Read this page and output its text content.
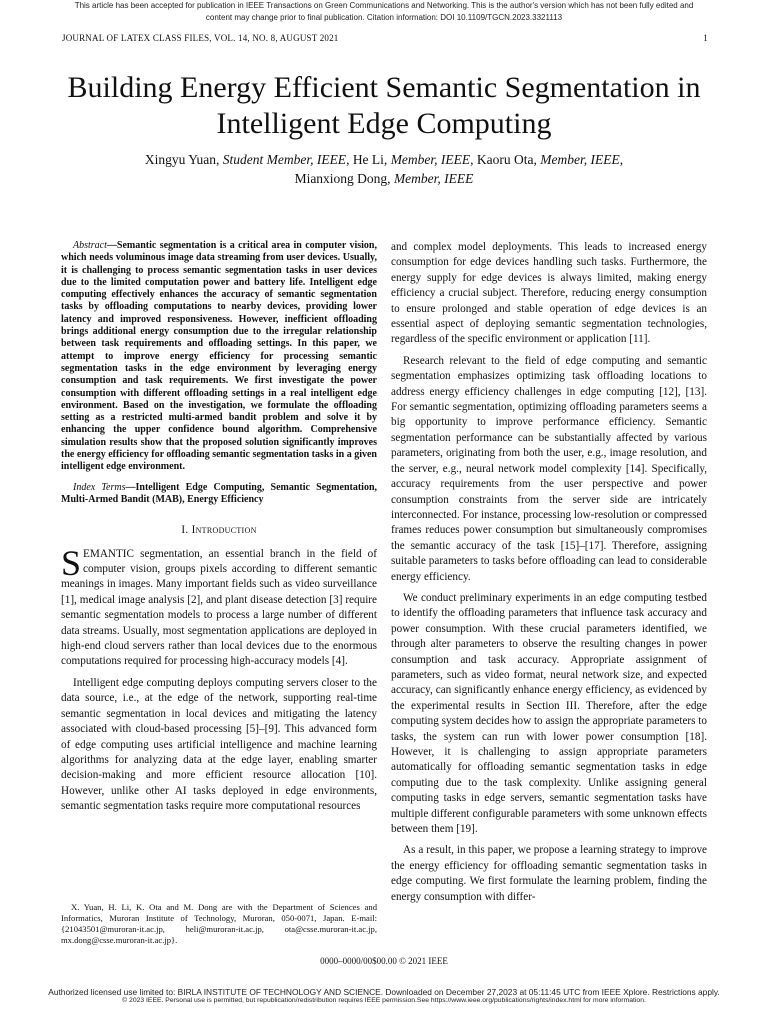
This article has been accepted for publication in IEEE Transactions on Green Communications and Networking. This is the author's version which has not been fully edited and
content may change prior to final publication. Citation information: DOI 10.1109/TGCN.2023.3321113
JOURNAL OF LATEX CLASS FILES, VOL. 14, NO. 8, AUGUST 2021	1
Building Energy Efficient Semantic Segmentation in Intelligent Edge Computing
Xingyu Yuan, Student Member, IEEE, He Li, Member, IEEE, Kaoru Ota, Member, IEEE,
Mianxiong Dong, Member, IEEE

Abstract—Semantic segmentation is a critical area in computer vision, which needs voluminous image data streaming from user devices. Usually, it is challenging to process semantic segmentation tasks in user devices due to the limited computation power and battery life. Intelligent edge computing effectively enhances the accuracy of semantic segmentation tasks by offloading computations to nearby devices, providing lower latency and improved responsiveness. However, inefficient offloading brings additional energy consumption due to the irregular relationship between task requirements and offloading settings. In this paper, we attempt to improve energy efficiency for processing semantic segmentation tasks in the edge environment by leveraging energy consumption and task requirements. We first investigate the power consumption with different offloading settings in a real intelligent edge environment. Based on the investigation, we formulate the offloading setting as a restricted multi-armed bandit problem and solve it by enhancing the upper confidence bound algorithm. Comprehensive simulation results show that the proposed solution significantly improves the energy efficiency for offloading semantic segmentation tasks in a given intelligent edge environment.

Index Terms—Intelligent Edge Computing, Semantic Segmentation, Multi-Armed Bandit (MAB), Energy Efficiency

I. Introduction

SEMANTIC segmentation, an essential branch in the field of computer vision, groups pixels according to different semantic meanings in images. Many important fields such as video surveillance [1], medical image analysis [2], and plant disease detection [3] require semantic segmentation models to process a large number of different data streams. Usually, most segmentation applications are deployed in high-end cloud servers rather than local devices due to the enormous computations required for processing high-accuracy models [4].

Intelligent edge computing deploys computing servers closer to the data source, i.e., at the edge of the network, supporting real-time semantic segmentation in local devices and mitigating the latency associated with cloud-based processing [5]–[9]. This advanced form of edge computing uses artificial intelligence and machine learning algorithms for analyzing data at the edge layer, enabling smarter decision-making and more efficient resource allocation [10]. However, unlike other AI tasks deployed in edge environments, semantic segmentation tasks require more computational resources

and complex model deployments. This leads to increased energy consumption for edge devices handling such tasks. Furthermore, the energy supply for edge devices is always limited, making energy efficiency a crucial subject. Therefore, reducing energy consumption to ensure prolonged and stable operation of edge devices is an essential aspect of deploying semantic segmentation technologies, regardless of the specific environment or application [11].

Research relevant to the field of edge computing and semantic segmentation emphasizes optimizing task offloading locations to address energy efficiency challenges in edge computing [12], [13]. For semantic segmentation, optimizing offloading parameters seems a big opportunity to improve performance efficiency. Semantic segmentation performance can be substantially affected by various parameters, originating from both the user, e.g., image resolution, and the server, e.g., neural network model complexity [14]. Specifically, accuracy requirements from the user perspective and power consumption constraints from the server side are intricately interconnected. For instance, processing low-resolution or compressed frames reduces power consumption but simultaneously compromises the semantic accuracy of the task [15]–[17]. Therefore, assigning suitable parameters to tasks before offloading can lead to considerable energy efficiency.

We conduct preliminary experiments in an edge computing testbed to identify the offloading parameters that influence task accuracy and power consumption. With these crucial parameters identified, we through alter parameters to observe the resulting changes in power consumption and task accuracy. Appropriate assignment of parameters, such as video format, neural network size, and expected accuracy, can significantly enhance energy efficiency, as evidenced by the experimental results in Section III. Therefore, after the edge computing system decides how to assign the appropriate parameters to tasks, the system can run with lower power consumption [18]. However, it is challenging to assign appropriate parameters automatically for offloading semantic segmentation tasks in edge computing due to the task complexity. Unlike assigning general computing tasks in edge servers, semantic segmentation tasks have multiple different configurable parameters with some unknown effects between them [19].

As a result, in this paper, we propose a learning strategy to improve the energy efficiency for offloading semantic segmentation tasks in edge computing. We first formulate the learning problem, finding the energy consumption with differ-

X. Yuan, H. Li, K. Ota and M. Dong are with the Department of Sciences and Informatics, Muroran Institute of Technology, Muroran, 050-0071, Japan. E-mail: {21043501@muroran-it.ac.jp, heli@muroran-it.ac.jp, ota@csse.muroran-it.ac.jp, mx.dong@csse.muroran-it.ac.jp}.

0000–0000/00$00.00 © 2021 IEEE
Authorized licensed use limited to: BIRLA INSTITUTE OF TECHNOLOGY AND SCIENCE. Downloaded on December 27,2023 at 05:11:45 UTC from IEEE Xplore. Restrictions apply.
© 2023 IEEE. Personal use is permitted, but republication/redistribution requires IEEE permission.See https://www.ieee.org/publications/rights/index.html for more information.
